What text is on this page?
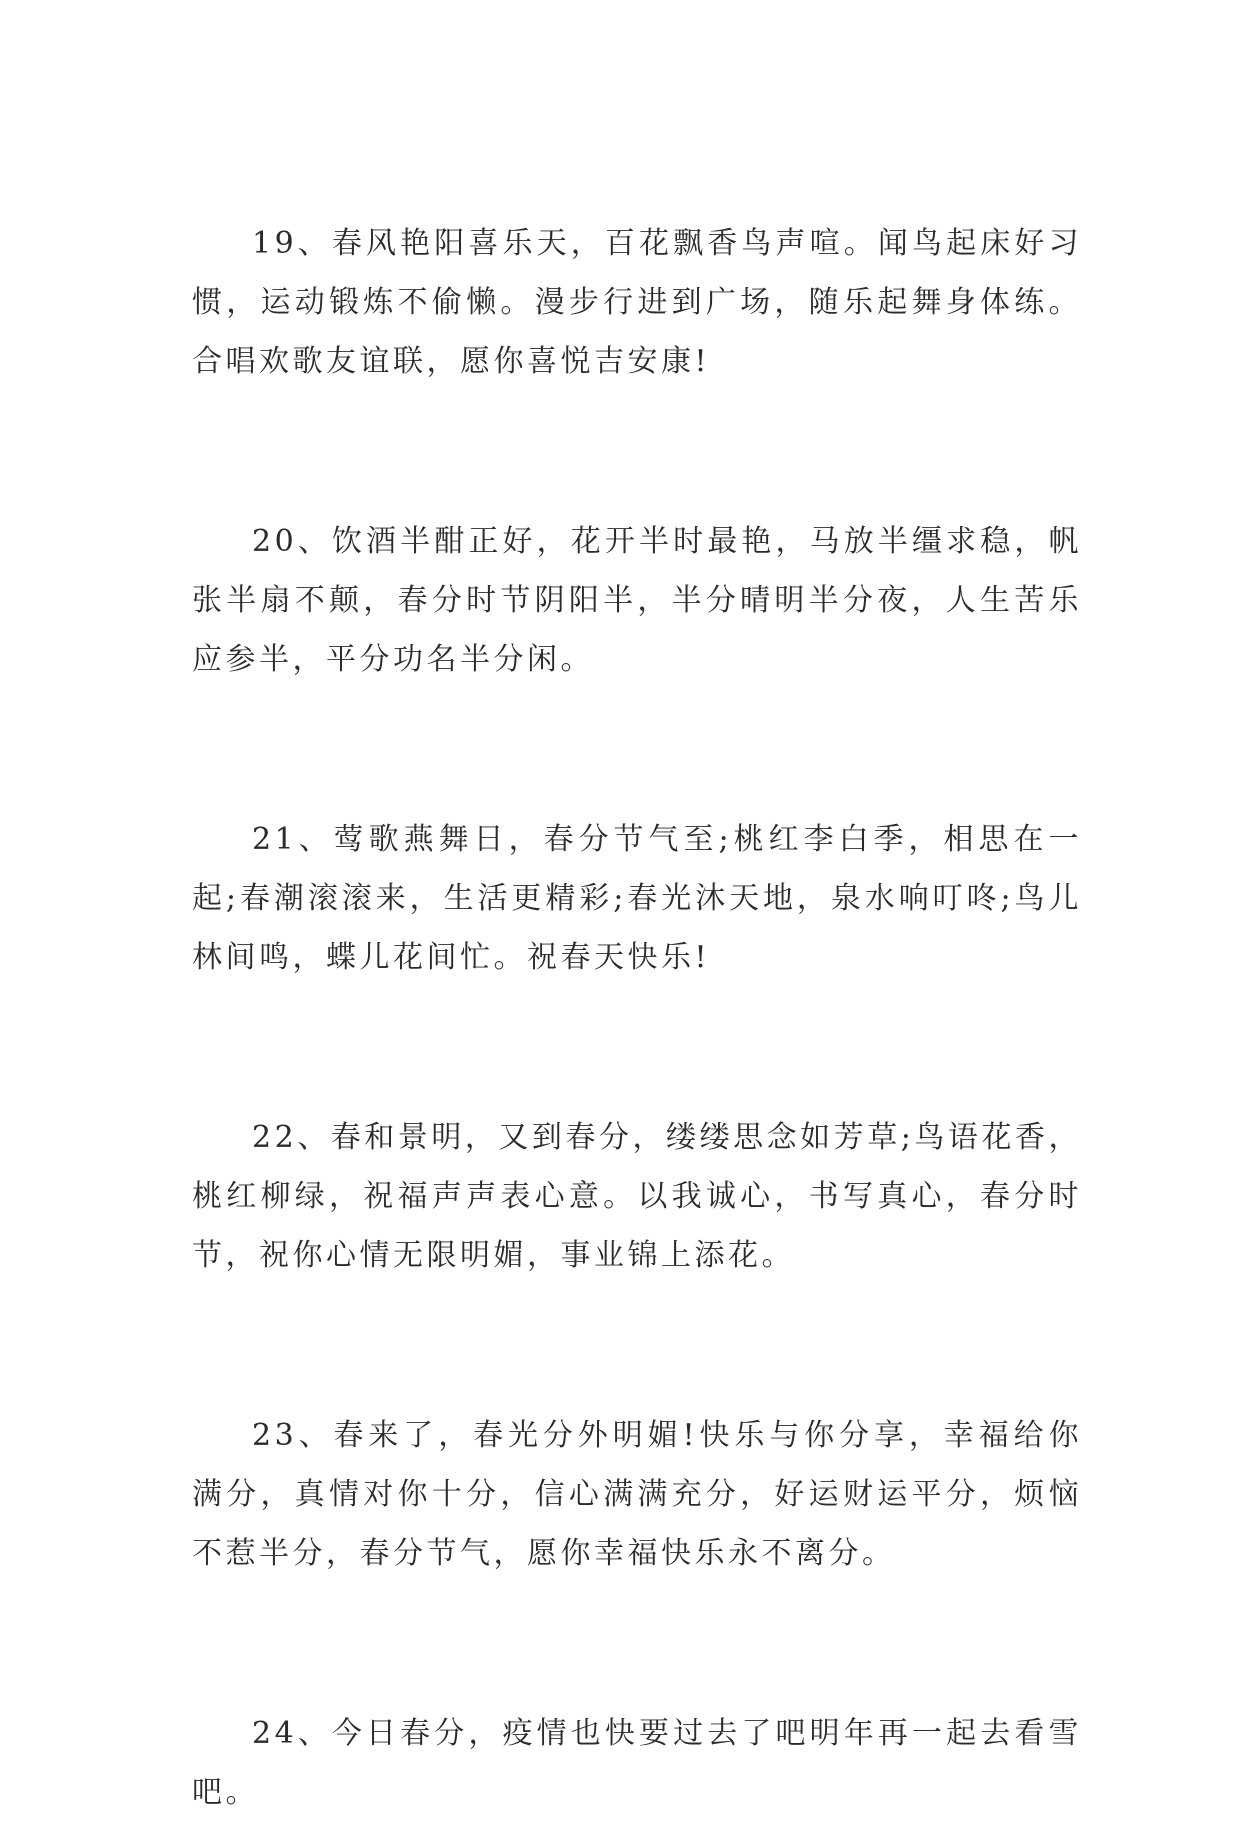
19、春风艳阳喜乐天，百花飘香鸟声喧。闻鸟起床好习惯，运动锻炼不偷懒。漫步行进到广场，随乐起舞身体练。合唱欢歌友谊联，愿你喜悦吉安康!

20、饮酒半酣正好，花开半时最艳，马放半缰求稳，帆张半扇不颠，春分时节阴阳半，半分晴明半分夜，人生苦乐应参半，平分功名半分闲。

21、莺歌燕舞日，春分节气至;桃红李白季，相思在一起;春潮滚滚来，生活更精彩;春光沐天地，泉水响叮咚;鸟儿林间鸣，蝶儿花间忙。祝春天快乐!

22、春和景明，又到春分，缕缕思念如芳草;鸟语花香，桃红柳绿，祝福声声表心意。以我诚心，书写真心，春分时节，祝你心情无限明媚，事业锦上添花。

23、春来了，春光分外明媚!快乐与你分享，幸福给你满分，真情对你十分，信心满满充分，好运财运平分，烦恼不惹半分，春分节气，愿你幸福快乐永不离分。

24、今日春分，疫情也快要过去了吧明年再一起去看雪吧。
